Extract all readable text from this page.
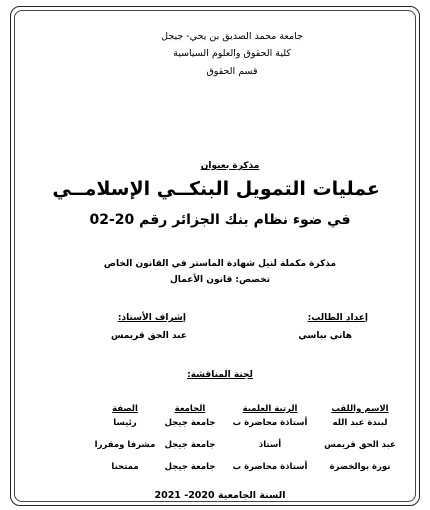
جامعة محمد الصديق بن يحي- جيجل
كلية الحقوق والعلوم السياسية
قسم الحقوق
مذكرة بعنوان
عمليات التمويل البنكــي الإسلامــي
في ضوء نظام بنك الجزائر رقم 20-02
مذكرة مكملة لنيل شهادة الماستر في القانون الخاص
تخصص: قانون الأعمال
إعداد الطالب:
هاني بباسي
إشراف الأستاذ:
عبد الحق قريمس
لجنة المناقشة:
الاسم واللقب
الرتبة العلمية
الجامعة
الصفة
لبندة عبد الله
أستاذة محاضرة ب
جامعة جيجل
رئيسا
عبد الحق قريمس
أستاذ
جامعة جيجل
مشرفا ومقررا
نورة بوالخضرة
أستاذة محاضرة ب
جامعة جيجل
ممتحنا
السنة الجامعية 2020- 2021
